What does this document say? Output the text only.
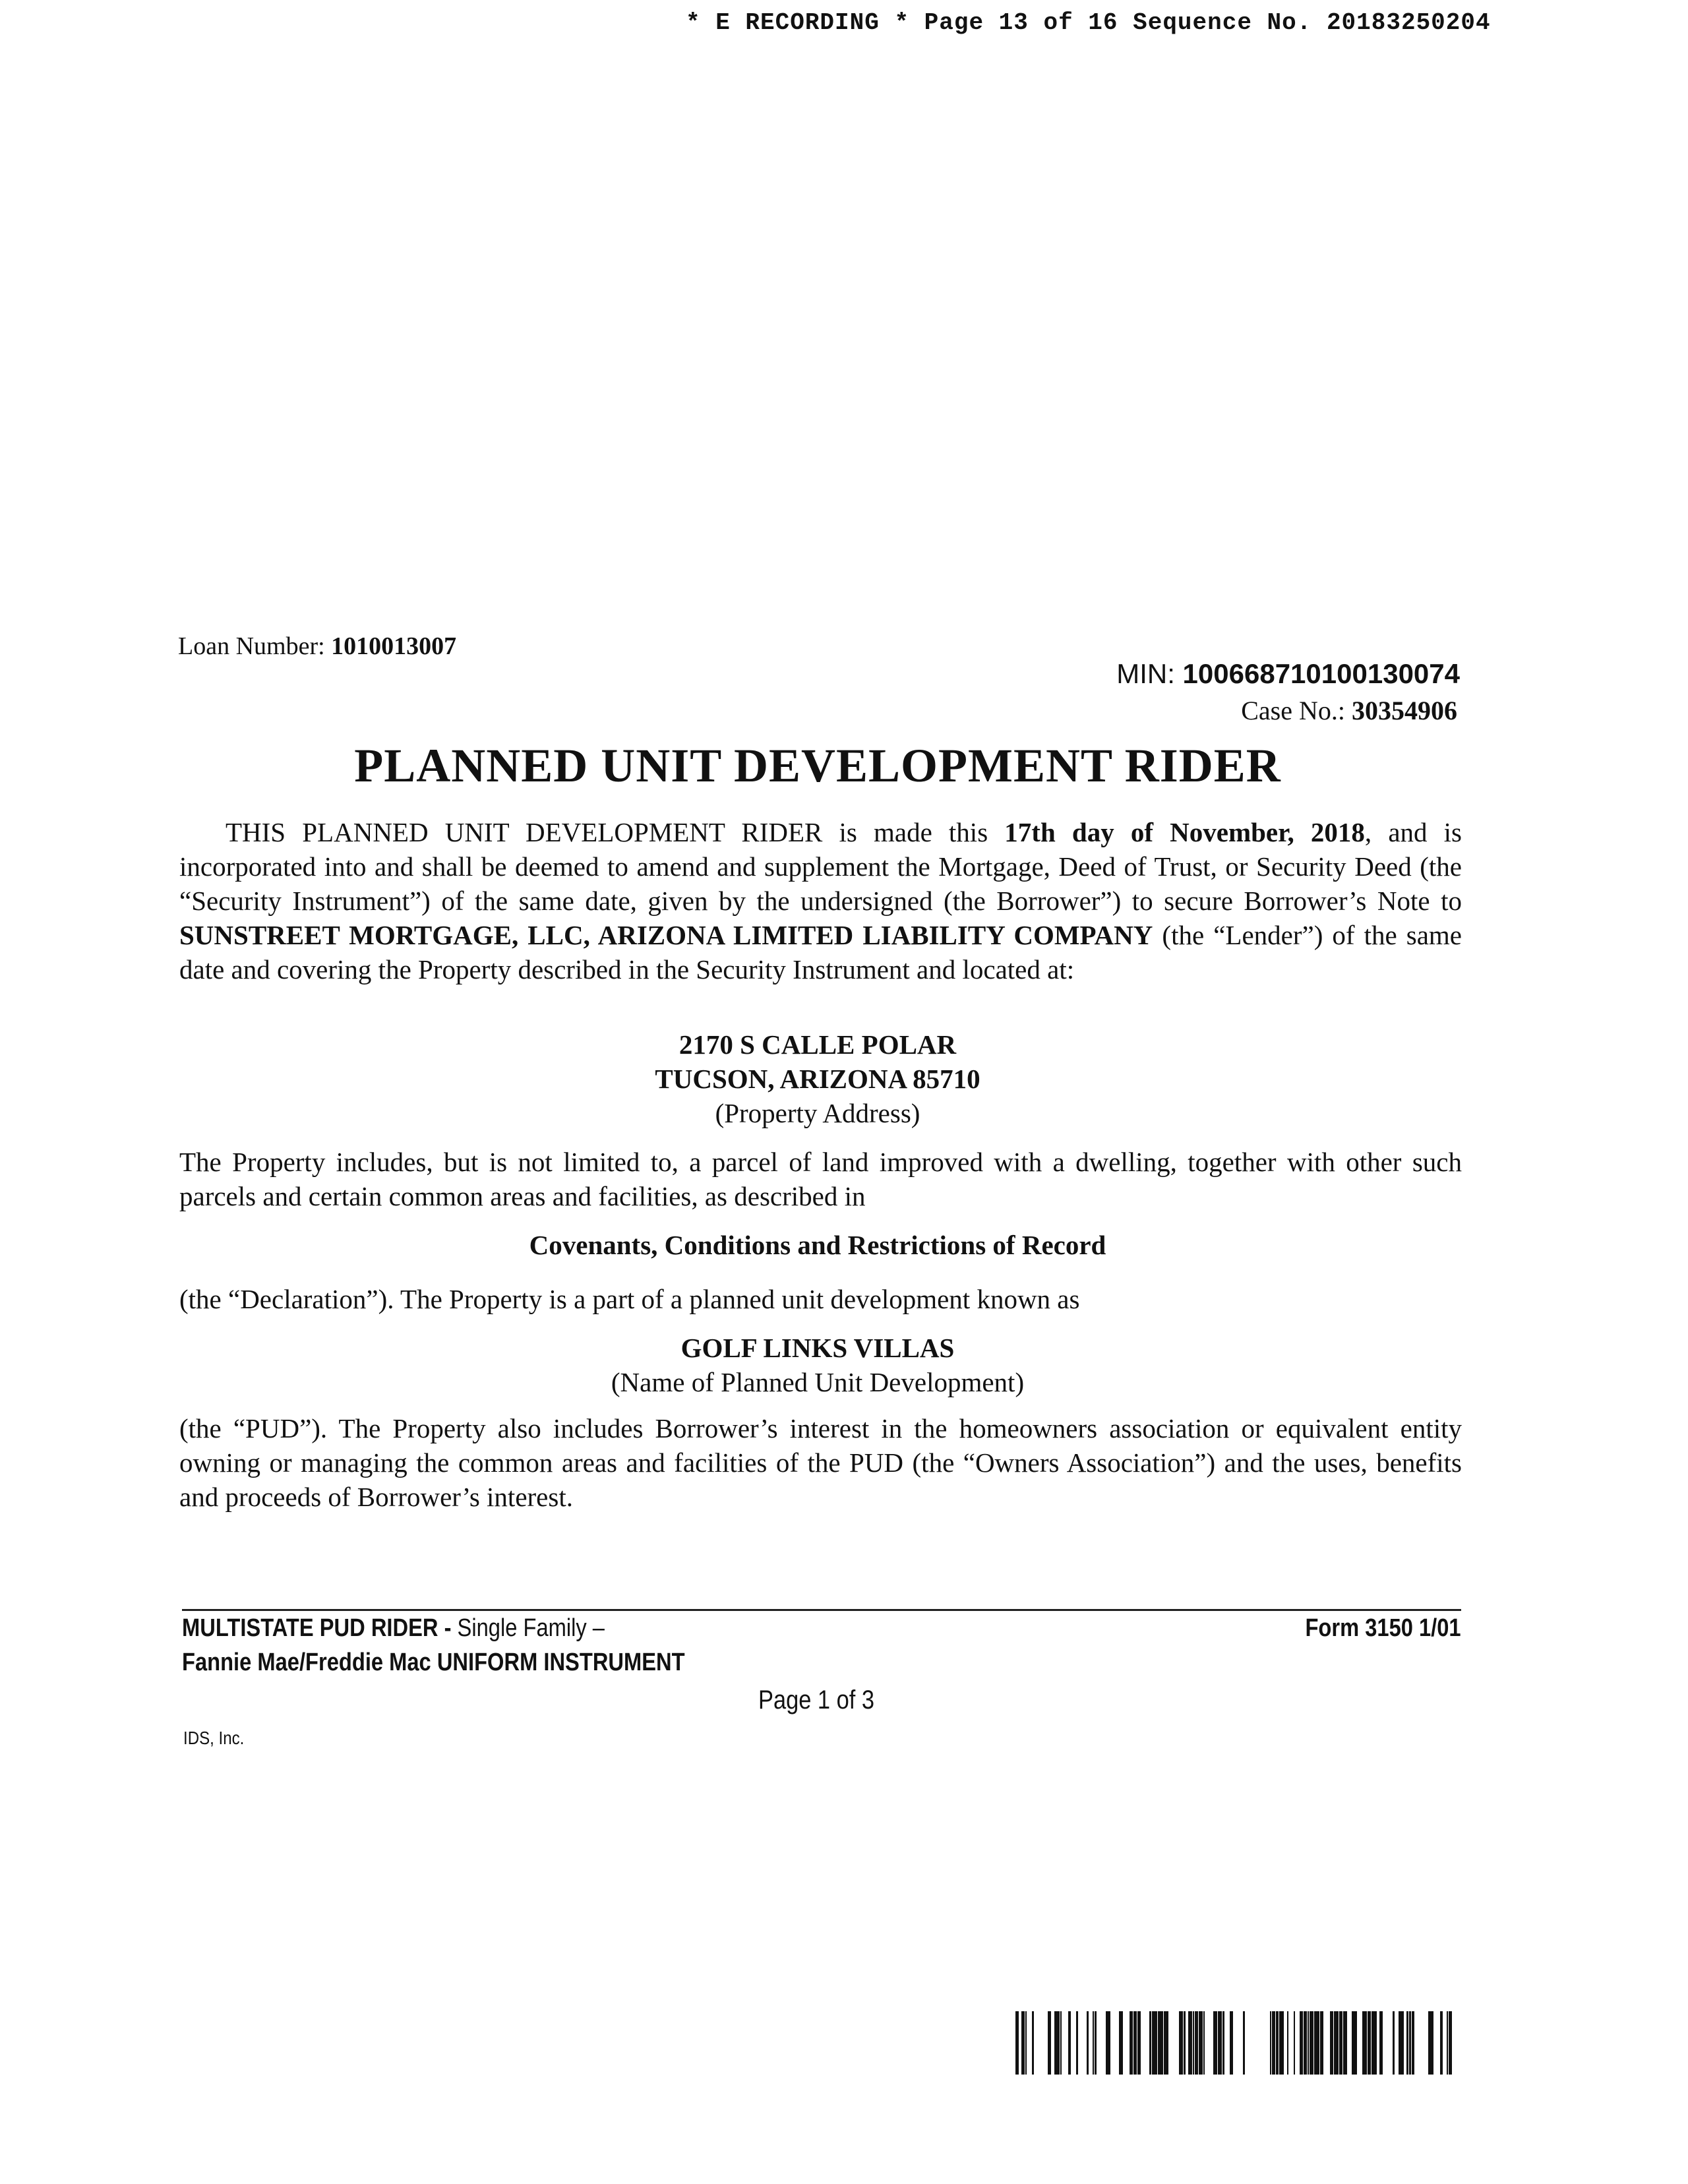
* E RECORDING * Page 13 of 16 Sequence No. 20183250204
Loan Number: 1010013007
MIN: 1006687101001300​74
Case No.: 30354906
PLANNED UNIT DEVELOPMENT RIDER
THIS PLANNED UNIT DEVELOPMENT RIDER is made this 17th day of November, 2018, and is incorporated into and shall be deemed to amend and supplement the Mortgage, Deed of Trust, or Security Deed (the “Security Instrument”) of the same date, given by the undersigned (the Borrower”) to secure Borrower’s Note to SUNSTREET MORTGAGE, LLC, ARIZONA LIMITED LIABILITY COMPANY (the “Lender”) of the same date and covering the Property described in the Security Instrument and located at:
2170 S CALLE POLAR
TUCSON, ARIZONA 85710
(Property Address)
The Property includes, but is not limited to, a parcel of land improved with a dwelling, together with other such parcels and certain common areas and facilities, as described in
Covenants, Conditions and Restrictions of Record
(the “Declaration”). The Property is a part of a planned unit development known as
GOLF LINKS VILLAS
(Name of Planned Unit Development)
(the “PUD”). The Property also includes Borrower’s interest in the homeowners association or equivalent entity owning or managing the common areas and facilities of the PUD (the “Owners Association”) and the uses, benefits and proceeds of Borrower’s interest.
MULTISTATE PUD RIDER - Single Family –
Fannie Mae/Freddie Mac UNIFORM INSTRUMENT
Form 3150 1/01
Page 1 of 3
IDS, Inc.
